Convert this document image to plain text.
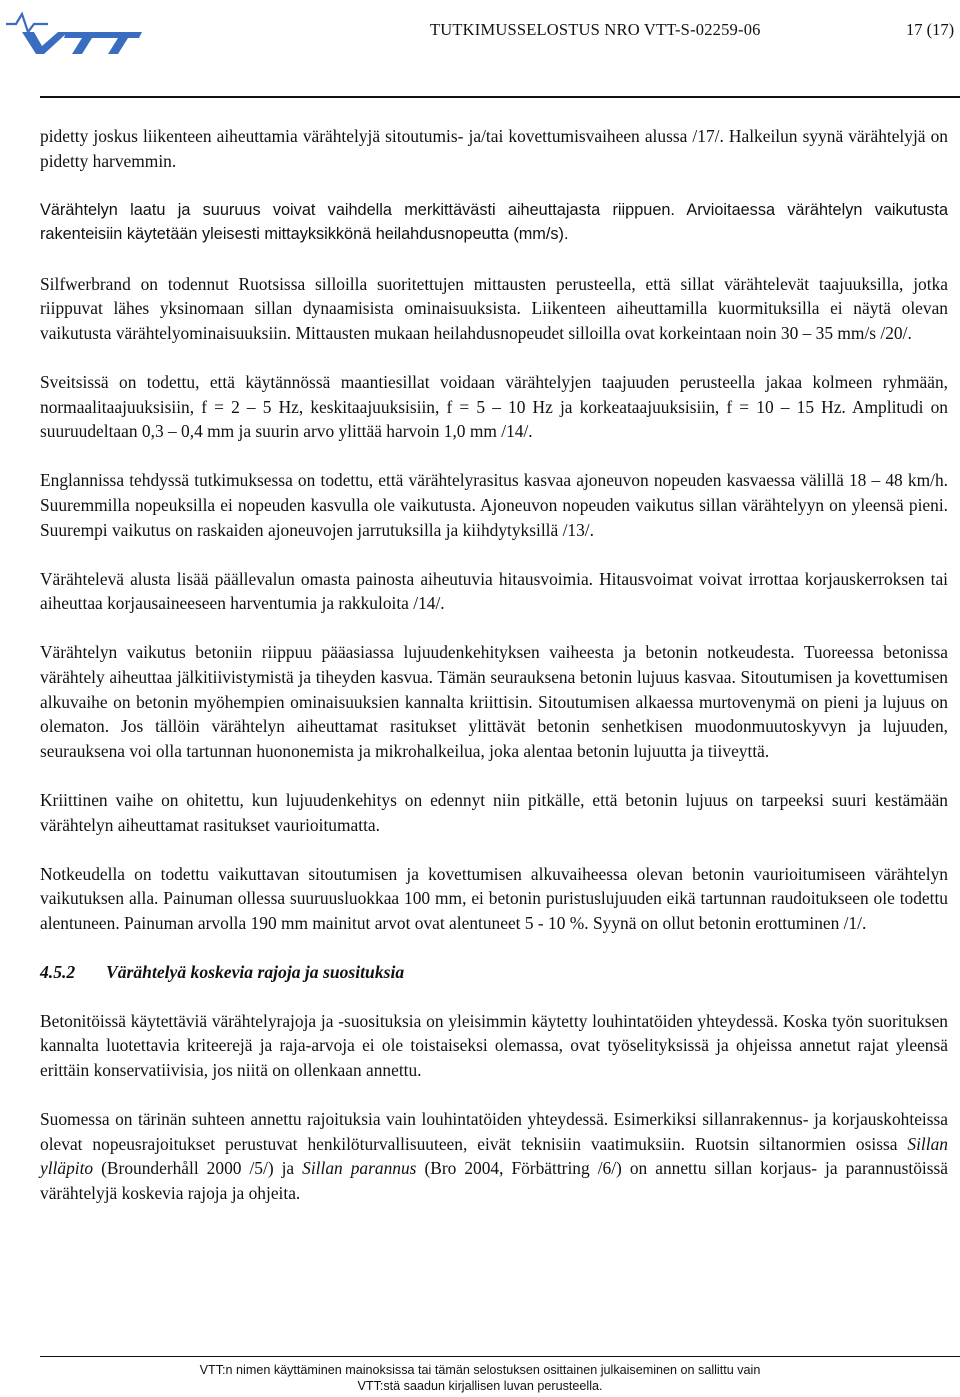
TUTKIMUSSELOSTUS NRO VTT-S-02259-06	17 (17)

pidetty joskus liikenteen aiheuttamia värähtelyjä sitoutumis- ja/tai kovettumisvaiheen alussa /17/. Halkeilun syynä värähtelyjä on pidetty harvemmin.

Värähtelyn laatu ja suuruus voivat vaihdella merkittävästi aiheuttajasta riippuen. Arvioitaessa värähtelyn vaikutusta rakenteisiin käytetään yleisesti mittayksikkönä heilahdusnopeutta (mm/s).

Silfwerbrand on todennut Ruotsissa silloilla suoritettujen mittausten perusteella, että sillat värähtelevät taajuuksilla, jotka riippuvat lähes yksinomaan sillan dynaamisista ominaisuuksista. Liikenteen aiheuttamilla kuormituksilla ei näytä olevan vaikutusta värähtelyominaisuuksiin. Mittausten mukaan heilahdusnopeudet silloilla ovat korkeintaan noin 30 – 35 mm/s /20/.

Sveitsissä on todettu, että käytännössä maantiesillat voidaan värähtelyjen taajuuden perusteella jakaa kolmeen ryhmään, normaalitaajuuksisiin, f = 2 – 5 Hz, keskitaajuuksisiin, f = 5 – 10 Hz ja korkeataajuuksisiin, f = 10 – 15 Hz. Amplitudi on suuruudeltaan 0,3 – 0,4 mm ja suurin arvo ylittää harvoin 1,0 mm /14/.

Englannissa tehdyssä tutkimuksessa on todettu, että värähtelyrasitus kasvaa ajoneuvon nopeuden kasvaessa välillä 18 – 48 km/h. Suuremmilla nopeuksilla ei nopeuden kasvulla ole vaikutusta. Ajoneuvon nopeuden vaikutus sillan värähtelyyn on yleensä pieni. Suurempi vaikutus on raskaiden ajoneuvojen jarrutuksilla ja kiihdytyksillä /13/.

Värähtelevä alusta lisää päällevalun omasta painosta aiheutuvia hitausvoimia. Hitausvoimat voivat irrottaa korjauskerroksen tai aiheuttaa korjausaineeseen harventumia ja rakkuloita /14/.

Värähtelyn vaikutus betoniin riippuu pääasiassa lujuudenkehityksen vaiheesta ja betonin notkeudesta. Tuoreessa betonissa värähtely aiheuttaa jälkitiivistymistä ja tiheyden kasvua. Tämän seurauksena betonin lujuus kasvaa. Sitoutumisen ja kovettumisen alkuvaihe on betonin myöhempien ominaisuuksien kannalta kriittisin. Sitoutumisen alkaessa murtovenymä on pieni ja lujuus on olematon. Jos tällöin värähtelyn aiheuttamat rasitukset ylittävät betonin senhetkisen muodonmuutoskyvyn ja lujuuden, seurauksena voi olla tartunnan huononemista ja mikrohalkeilua, joka alentaa betonin lujuutta ja tiiveyttä.

Kriittinen vaihe on ohitettu, kun lujuudenkehitys on edennyt niin pitkälle, että betonin lujuus on tarpeeksi suuri kestämään värähtelyn aiheuttamat rasitukset vaurioitumatta.

Notkeudella on todettu vaikuttavan sitoutumisen ja kovettumisen alkuvaiheessa olevan betonin vaurioitumiseen värähtelyn vaikutuksen alla. Painuman ollessa suuruusluokkaa 100 mm, ei betonin puristuslujuuden eikä tartunnan raudoitukseen ole todettu alentuneen. Painuman arvolla 190 mm mainitut arvot ovat alentuneet 5 - 10 %. Syynä on ollut betonin erottuminen /1/.

4.5.2	Värähtelyä koskevia rajoja ja suosituksia

Betonitöissä käytettäviä värähtelyrajoja ja -suosituksia on yleisimmin käytetty louhintatöiden yhteydessä. Koska työn suorituksen kannalta luotettavia kriteerejä ja raja-arvoja ei ole toistaiseksi olemassa, ovat työselityksissä ja ohjeissa annetut rajat yleensä erittäin konservatiivisia, jos niitä on ollenkaan annettu.

Suomessa on tärinän suhteen annettu rajoituksia vain louhintatöiden yhteydessä. Esimerkiksi sillanrakennus- ja korjauskohteissa olevat nopeusrajoitukset perustuvat henkilöturvallisuuteen, eivät teknisiin vaatimuksiin. Ruotsin siltanormien osissa Sillan ylläpito (Brounderhåll 2000 /5/) ja Sillan parannus (Bro 2004, Förbättring /6/) on annettu sillan korjaus- ja parannustöissä värähtelyjä koskevia rajoja ja ohjeita.

VTT:n nimen käyttäminen mainoksissa tai tämän selostuksen osittainen julkaiseminen on sallittu vain
VTT:stä saadun kirjallisen luvan perusteella.
